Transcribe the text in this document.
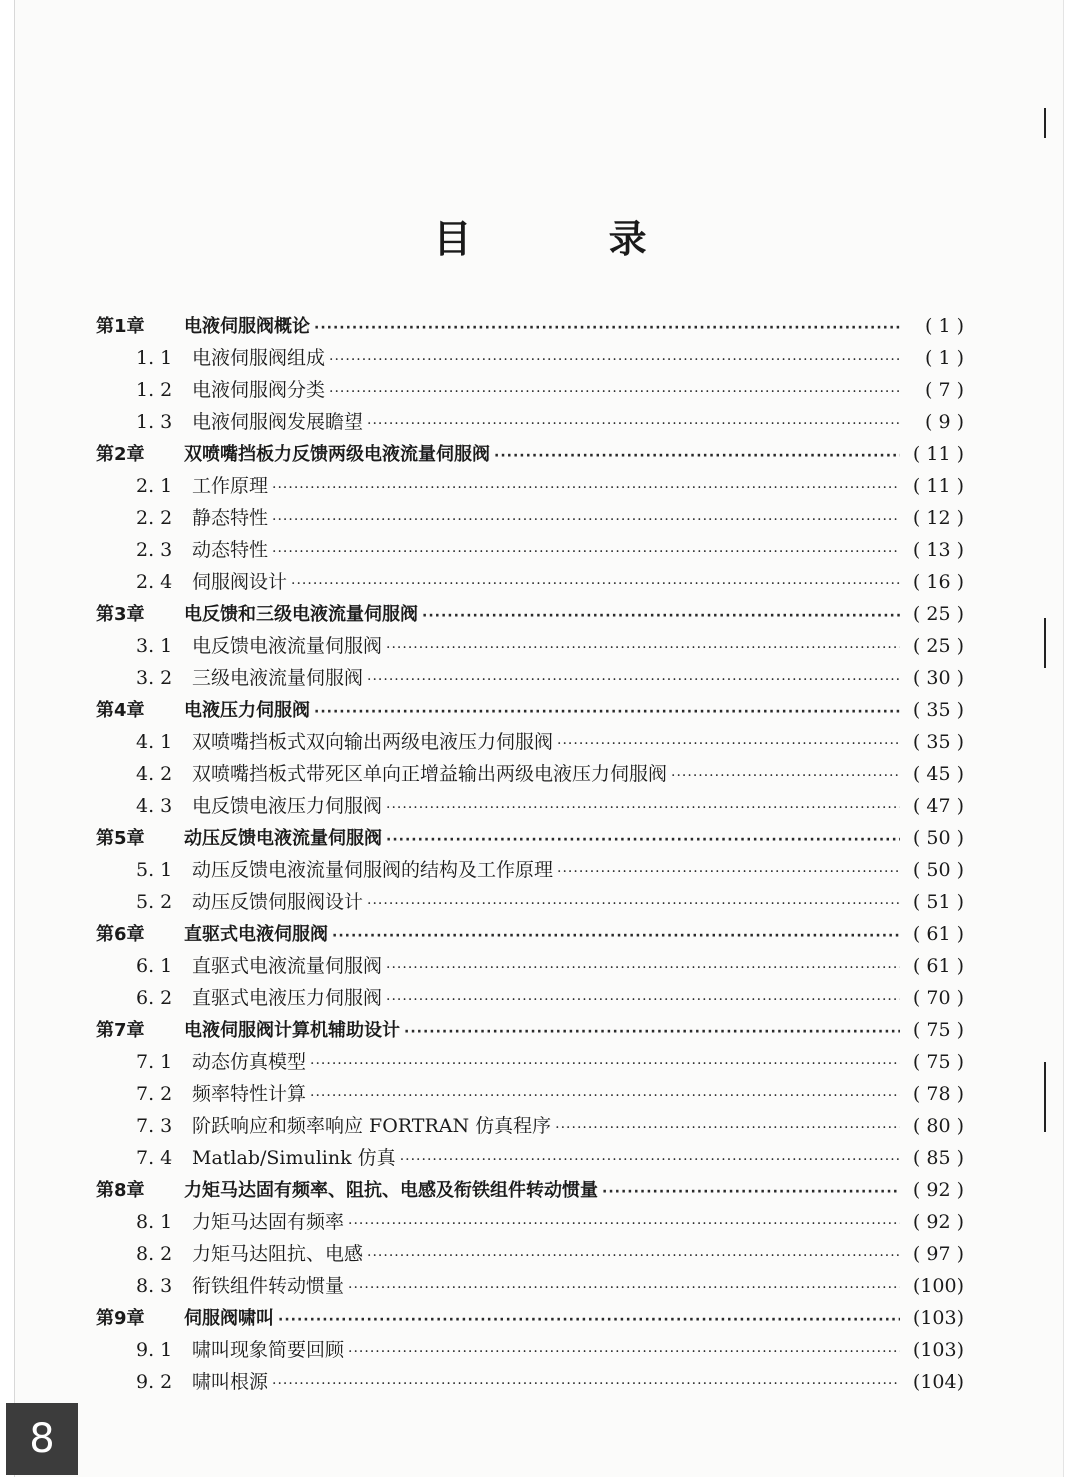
目 录
第1章	电液伺服阀概论 ·····	( 1 )
1. 1	电液伺服阀组成 ·····	( 1 )
1. 2	电液伺服阀分类 ·····	( 7 )
1. 3	电液伺服阀发展瞻望 ·····	( 9 )
第2章	双喷嘴挡板力反馈两级电液流量伺服阀 ·····	( 11 )
2. 1	工作原理 ·····	( 11 )
2. 2	静态特性 ·····	( 12 )
2. 3	动态特性 ·····	( 13 )
2. 4	伺服阀设计 ·····	( 16 )
第3章	电反馈和三级电液流量伺服阀 ·····	( 25 )
3. 1	电反馈电液流量伺服阀 ·····	( 25 )
3. 2	三级电液流量伺服阀 ·····	( 30 )
第4章	电液压力伺服阀 ·····	( 35 )
4. 1	双喷嘴挡板式双向输出两级电液压力伺服阀 ·····	( 35 )
4. 2	双喷嘴挡板式带死区单向正增益输出两级电液压力伺服阀 ·····	( 45 )
4. 3	电反馈电液压力伺服阀 ·····	( 47 )
第5章	动压反馈电液流量伺服阀 ·····	( 50 )
5. 1	动压反馈电液流量伺服阀的结构及工作原理 ·····	( 50 )
5. 2	动压反馈伺服阀设计 ·····	( 51 )
第6章	直驱式电液伺服阀 ·····	( 61 )
6. 1	直驱式电液流量伺服阀 ·····	( 61 )
6. 2	直驱式电液压力伺服阀 ·····	( 70 )
第7章	电液伺服阀计算机辅助设计 ·····	( 75 )
7. 1	动态仿真模型 ·····	( 75 )
7. 2	频率特性计算 ·····	( 78 )
7. 3	阶跃响应和频率响应 FORTRAN 仿真程序 ·····	( 80 )
7. 4	Matlab/Simulink 仿真 ·····	( 85 )
第8章	力矩马达固有频率、阻抗、电感及衔铁组件转动惯量 ·····	( 92 )
8. 1	力矩马达固有频率 ·····	( 92 )
8. 2	力矩马达阻抗、电感 ·····	( 97 )
8. 3	衔铁组件转动惯量 ·····	(100)
第9章	伺服阀啸叫 ·····	(103)
9. 1	啸叫现象简要回顾 ·····	(103)
9. 2	啸叫根源 ·····	(104)
8
